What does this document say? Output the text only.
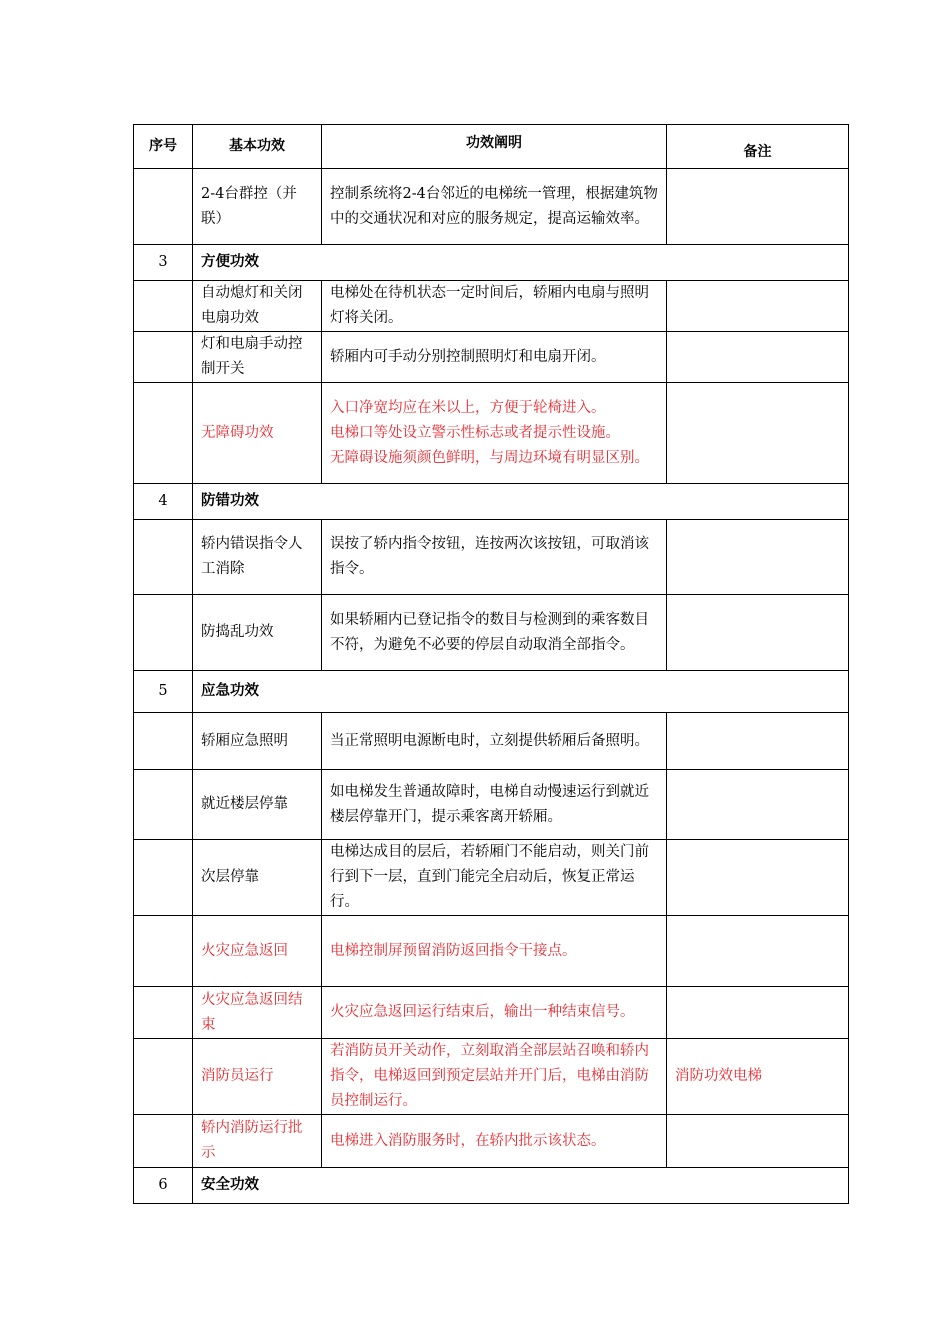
序号	基本功效	功效阐明	备注
	2-4台群控（并联）	控制系统将2-4台邻近的电梯统一管理，根据建筑物中的交通状况和对应的服务规定，提高运输效率。	
3	方便功效		
	自动熄灯和关闭电扇功效	电梯处在待机状态一定时间后，轿厢内电扇与照明灯将关闭。	
	灯和电扇手动控制开关	轿厢内可手动分别控制照明灯和电扇开闭。	
	无障碍功效	入口净宽均应在米以上，方便于轮椅进入。
电梯口等处设立警示性标志或者提示性设施。
无障碍设施须颜色鲜明，与周边环境有明显区别。	
4	防错功效		
	轿内错误指令人工消除	误按了轿内指令按钮，连按两次该按钮，可取消该指令。	
	防捣乱功效	如果轿厢内已登记指令的数目与检测到的乘客数目不符，为避免不必要的停层自动取消全部指令。	
5	应急功效		
	轿厢应急照明	当正常照明电源断电时，立刻提供轿厢后备照明。	
	就近楼层停靠	如电梯发生普通故障时，电梯自动慢速运行到就近楼层停靠开门，提示乘客离开轿厢。	
	次层停靠	电梯达成目的层后，若轿厢门不能启动，则关门前行到下一层，直到门能完全启动后，恢复正常运行。	
	火灾应急返回	电梯控制屏预留消防返回指令干接点。	
	火灾应急返回结束	火灾应急返回运行结束后，输出一种结束信号。	
	消防员运行	若消防员开关动作，立刻取消全部层站召唤和轿内指令，电梯返回到预定层站并开门后，电梯由消防员控制运行。	消防功效电梯
	轿内消防运行批示	电梯进入消防服务时，在轿内批示该状态。	
6	安全功效		
